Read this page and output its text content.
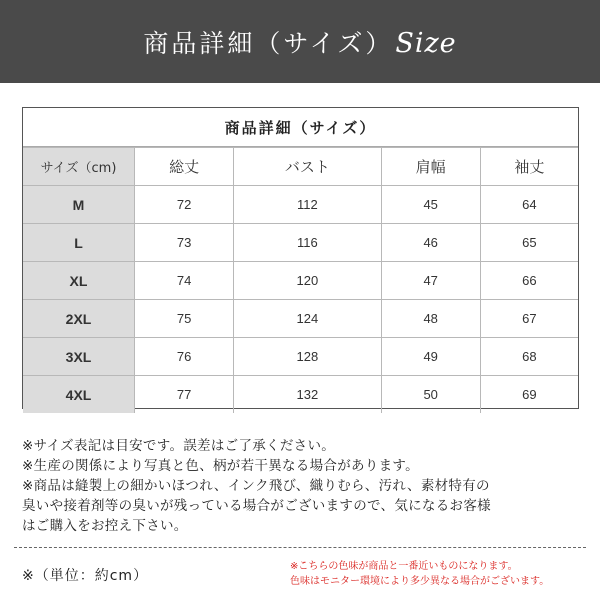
商品詳細（サイズ） Size
商品詳細（サイズ）
サイズ（cm)	総丈	バスト	肩幅	袖丈
M	72	112	45	64
L	73	116	46	65
XL	74	120	47	66
2XL	75	124	48	67
3XL	76	128	49	68
4XL	77	132	50	69
※サイズ表記は目安です。誤差はご了承ください。
※生産の関係により写真と色、柄が若干異なる場合があります。
※商品は縫製上の細かいほつれ、インク飛び、織りむら、汚れ、素材特有の
臭いや接着剤等の臭いが残っている場合がございますので、気になるお客様
はご購入をお控え下さい。
※（単位：約cm）
※こちらの色味が商品と一番近いものになります。
色味はモニター環境により多少異なる場合がございます。
